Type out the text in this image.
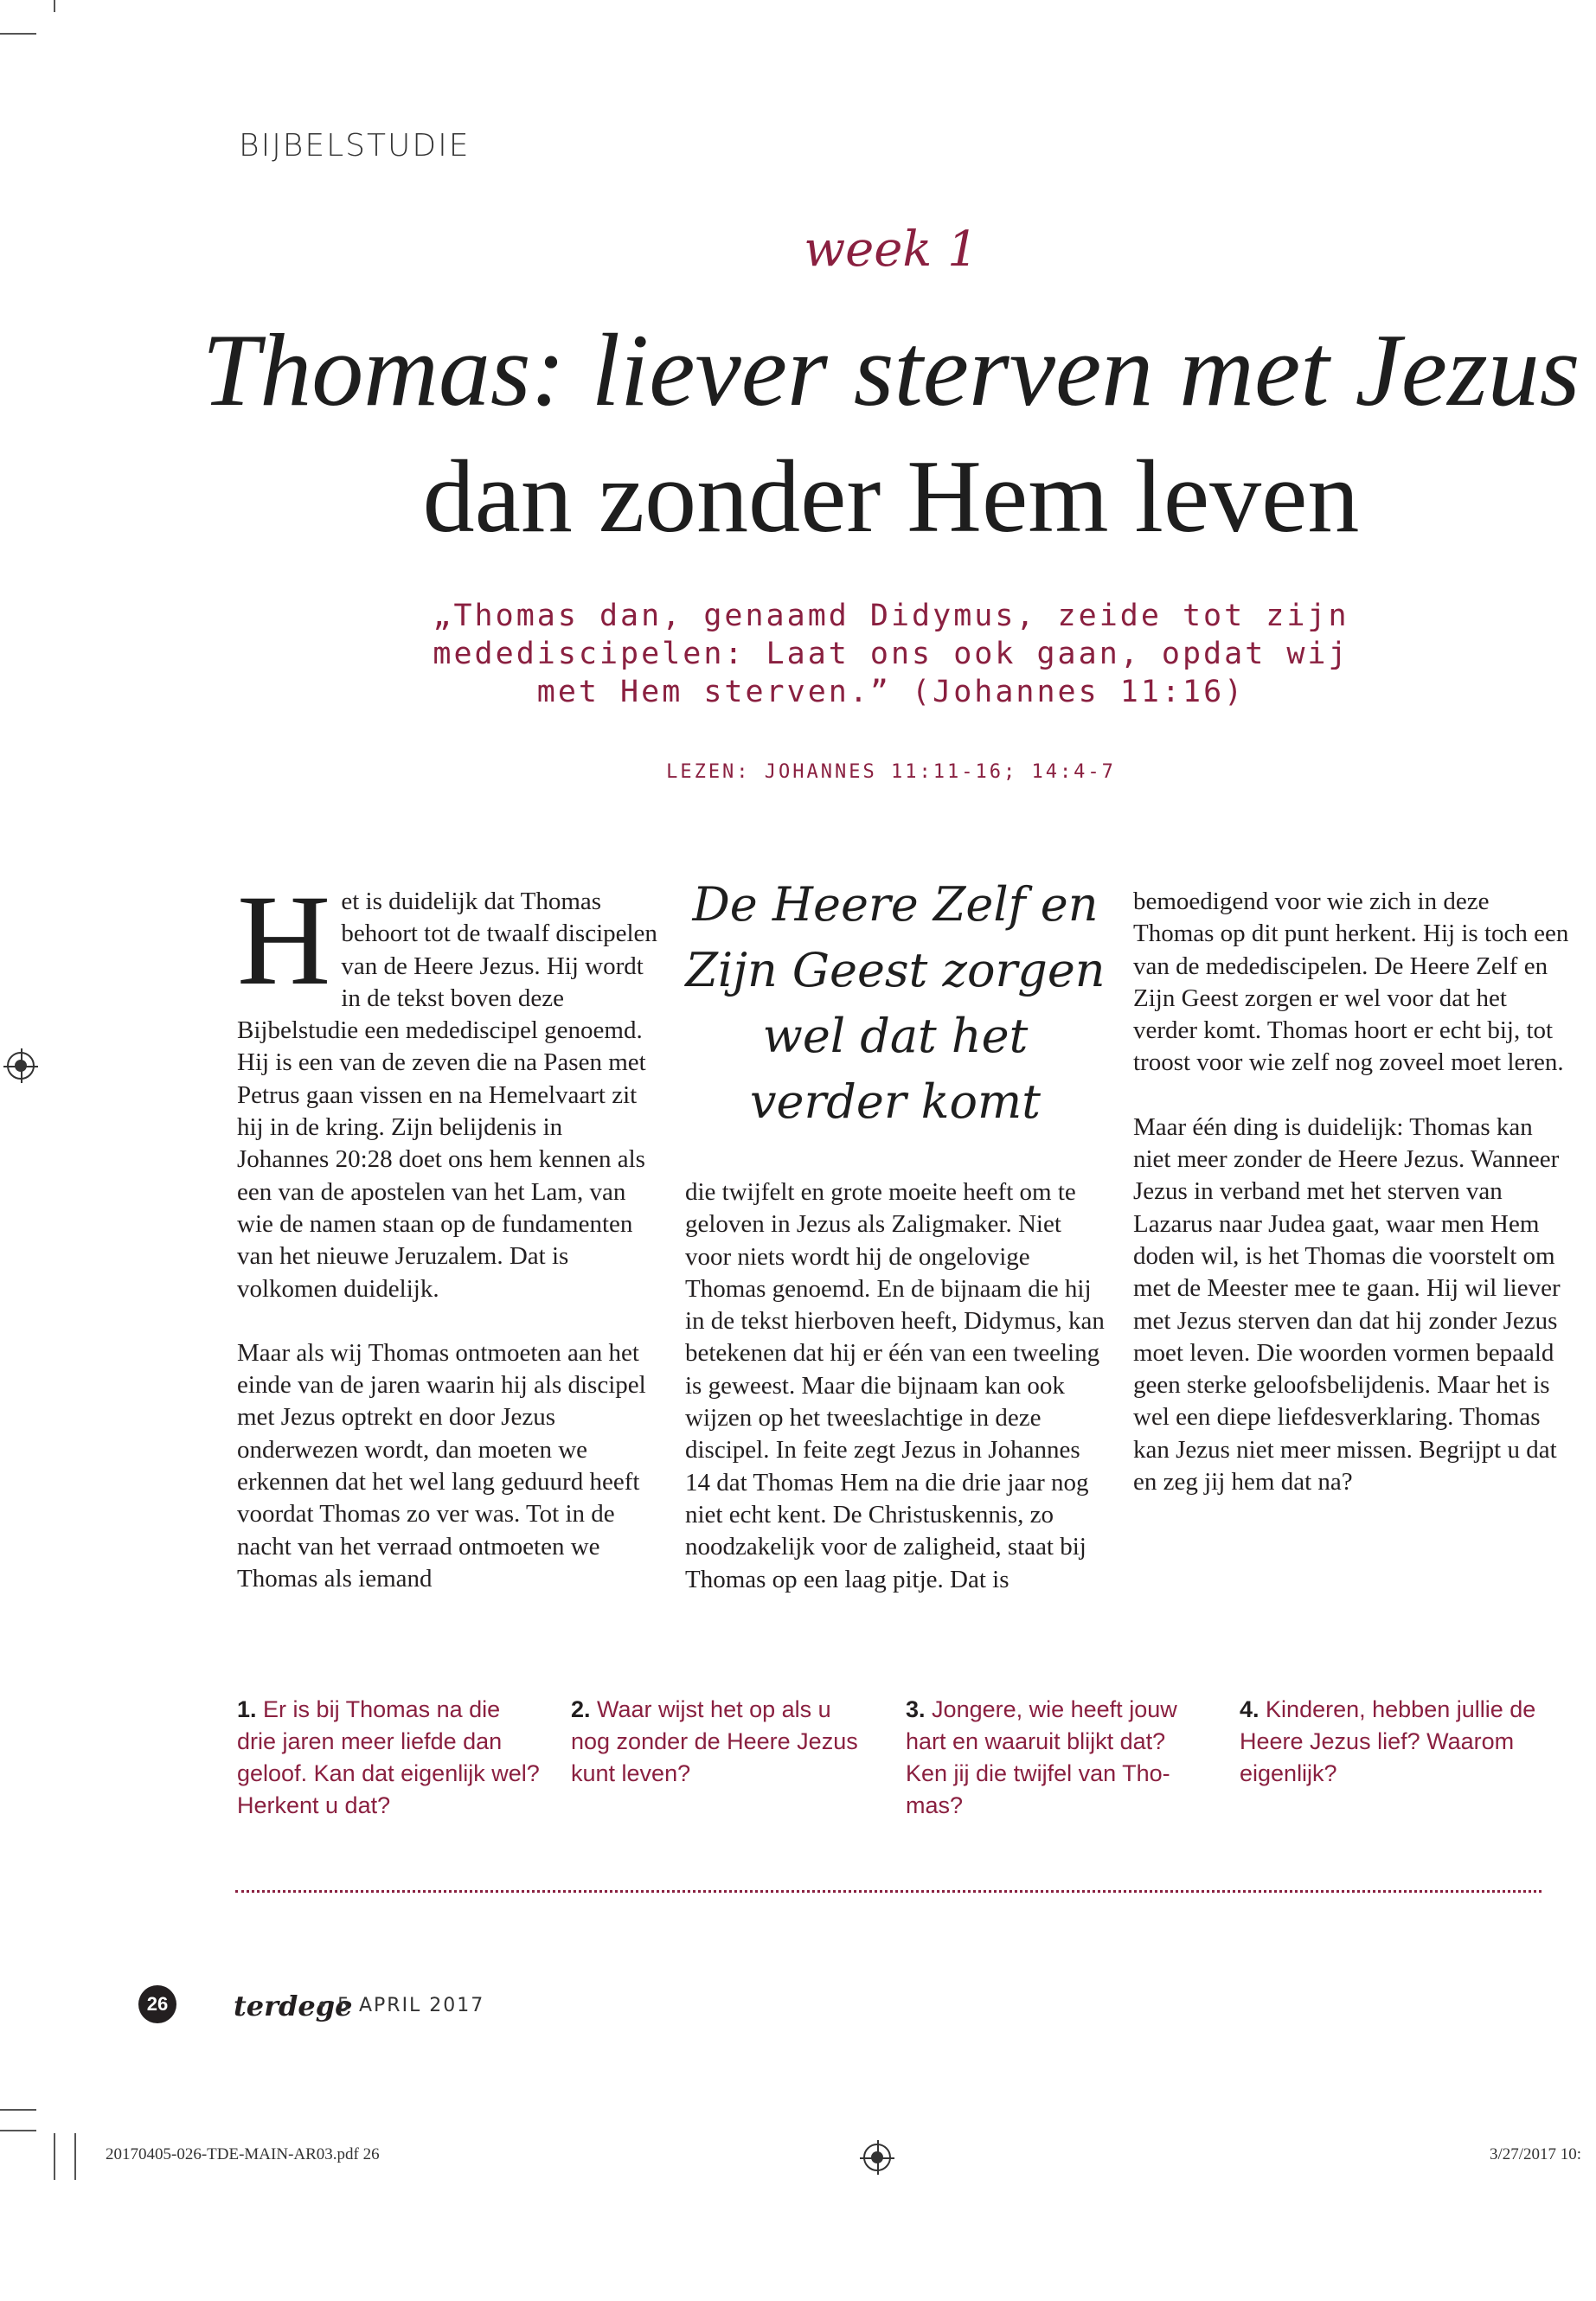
BIJBELSTUDIE
week 1
Thomas: liever sterven met Jezus
dan zonder Hem leven
„Thomas dan, genaamd Didymus, zeide tot zijn medediscipelen: Laat ons ook gaan, opdat wij met Hem sterven.” (Johannes 11:16)
LEZEN: JOHANNES 11:11-16; 14:4-7

Het is duidelijk dat Thomas behoort tot de twaalf discipelen van de Heere Jezus. Hij wordt in de tekst boven deze Bijbelstudie een medediscipel genoemd. Hij is een van de zeven die na Pasen met Petrus gaan vissen en na Hemelvaart zit hij in de kring. Zijn belijdenis in Johannes 20:28 doet ons hem kennen als een van de apostelen van het Lam, van wie de namen staan op de fundamenten van het nieuwe Jeruzalem. Dat is volkomen duidelijk.

Maar als wij Thomas ontmoeten aan het einde van de jaren waarin hij als discipel met Jezus optrekt en door Jezus onderwezen wordt, dan moeten we erkennen dat het wel lang geduurd heeft voordat Thomas zo ver was. Tot in de nacht van het verraad ontmoeten we Thomas als iemand

De Heere Zelf en Zijn Geest zorgen wel dat het verder komt

die twijfelt en grote moeite heeft om te geloven in Jezus als Zaligmaker. Niet voor niets wordt hij de ongelovige Thomas genoemd. En de bijnaam die hij in de tekst hierboven heeft, Didymus, kan betekenen dat hij er één van een tweeling is geweest. Maar die bijnaam kan ook wijzen op het tweeslachtige in deze discipel. In feite zegt Jezus in Johannes 14 dat Thomas Hem na die drie jaar nog niet echt kent. De Christuskennis, zo noodzakelijk voor de zaligheid, staat bij Thomas op een laag pitje. Dat is

bemoedigend voor wie zich in deze Thomas op dit punt herkent. Hij is toch een van de medediscipelen. De Heere Zelf en Zijn Geest zorgen er wel voor dat het verder komt. Thomas hoort er echt bij, tot troost voor wie zelf nog zoveel moet leren.

Maar één ding is duidelijk: Thomas kan niet meer zonder de Heere Jezus. Wanneer Jezus in verband met het sterven van Lazarus naar Judea gaat, waar men Hem doden wil, is het Thomas die voorstelt om met de Meester mee te gaan. Hij wil liever met Jezus sterven dan dat hij zonder Jezus moet leven. Die woorden vormen bepaald geen sterke geloofsbelijdenis. Maar het is wel een diepe liefdesverklaring. Thomas kan Jezus niet meer missen. Begrijpt u dat en zeg jij hem dat na?

1. Er is bij Thomas na die drie jaren meer liefde dan geloof. Kan dat eigenlijk wel? Herkent u dat?
2. Waar wijst het op als u nog zonder de Heere Jezus kunt leven?
3. Jongere, wie heeft jouw hart en waaruit blijkt dat? Ken jij die twijfel van Thomas?
4. Kinderen, hebben jullie de Heere Jezus lief? Waarom eigenlijk?
26	terdege
• 5 APRIL 2017
20170405-026-TDE-MAIN-AR03.pdf 26	3/27/2017 10:
